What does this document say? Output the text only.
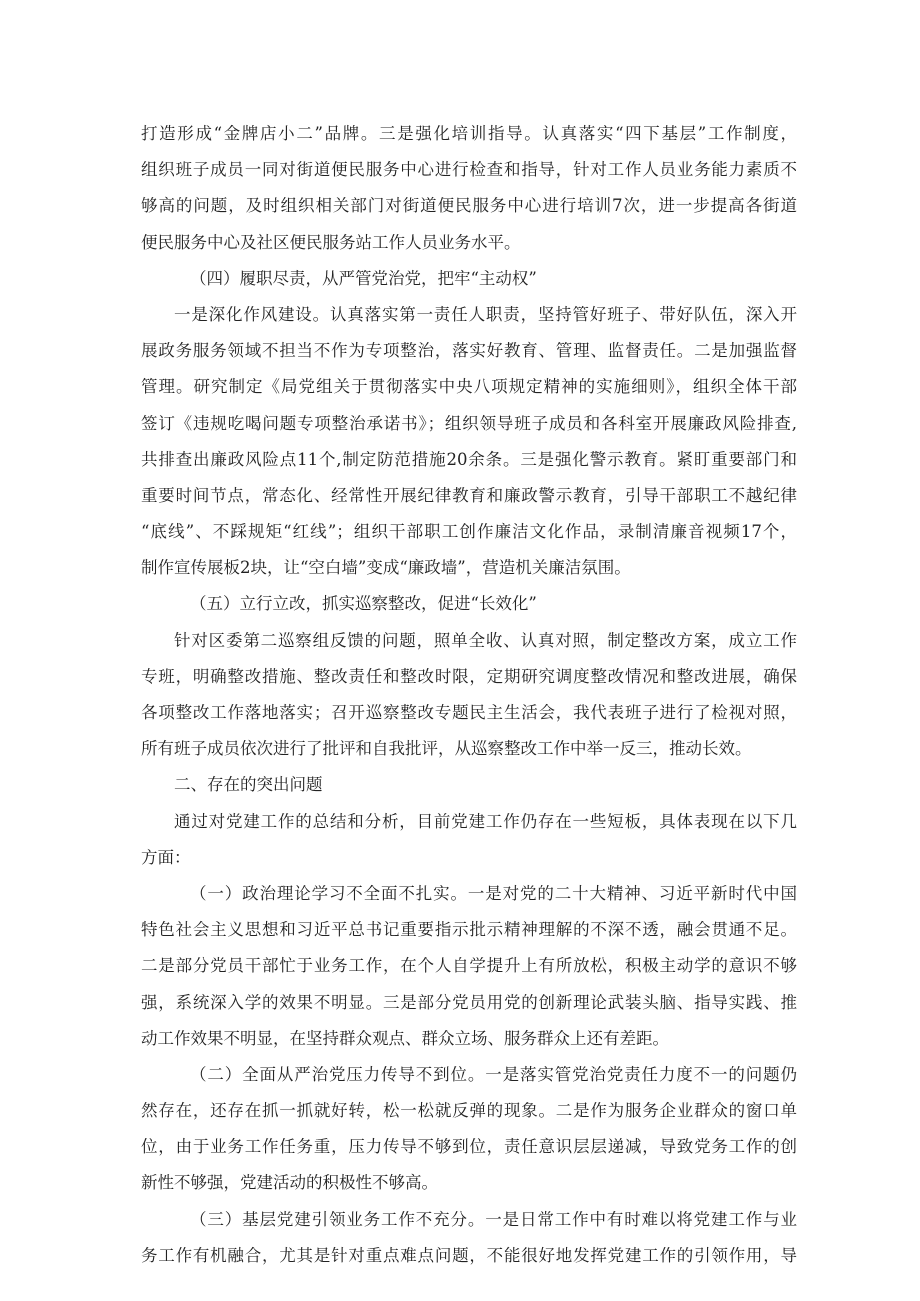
打造形成“金牌店小二”品牌。三是强化培训指导。认真落实“四下基层”工作制度，
组织班子成员一同对街道便民服务中心进行检查和指导，针对工作人员业务能力素质不
够高的问题，及时组织相关部门对街道便民服务中心进行培训7次，进一步提高各街道
便民服务中心及社区便民服务站工作人员业务水平。
（四）履职尽责，从严管党治党，把牢“主动权”
一是深化作风建设。认真落实第一责任人职责，坚持管好班子、带好队伍，深入开
展政务服务领域不担当不作为专项整治，落实好教育、管理、监督责任。二是加强监督
管理。研究制定《局党组关于贯彻落实中央八项规定精神的实施细则》，组织全体干部
签订《违规吃喝问题专项整治承诺书》；组织领导班子成员和各科室开展廉政风险排查,
共排查出廉政风险点11个,制定防范措施20余条。三是强化警示教育。紧盯重要部门和
重要时间节点，常态化、经常性开展纪律教育和廉政警示教育，引导干部职工不越纪律
“底线”、不踩规矩“红线”；组织干部职工创作廉洁文化作品，录制清廉音视频17个，
制作宣传展板2块，让“空白墙”变成“廉政墙”，营造机关廉洁氛围。
（五）立行立改，抓实巡察整改，促进“长效化”
针对区委第二巡察组反馈的问题，照单全收、认真对照，制定整改方案，成立工作
专班，明确整改措施、整改责任和整改时限，定期研究调度整改情况和整改进展，确保
各项整改工作落地落实；召开巡察整改专题民主生活会，我代表班子进行了检视对照，
所有班子成员依次进行了批评和自我批评，从巡察整改工作中举一反三，推动长效。
二、存在的突出问题
通过对党建工作的总结和分析，目前党建工作仍存在一些短板，具体表现在以下几
方面：
（一）政治理论学习不全面不扎实。一是对党的二十大精神、习近平新时代中国
特色社会主义思想和习近平总书记重要指示批示精神理解的不深不透，融会贯通不足。
二是部分党员干部忙于业务工作，在个人自学提升上有所放松，积极主动学的意识不够
强，系统深入学的效果不明显。三是部分党员用党的创新理论武装头脑、指导实践、推
动工作效果不明显，在坚持群众观点、群众立场、服务群众上还有差距。
（二）全面从严治党压力传导不到位。一是落实管党治党责任力度不一的问题仍
然存在，还存在抓一抓就好转，松一松就反弹的现象。二是作为服务企业群众的窗口单
位，由于业务工作任务重，压力传导不够到位，责任意识层层递减，导致党务工作的创
新性不够强，党建活动的积极性不够高。
（三）基层党建引领业务工作不充分。一是日常工作中有时难以将党建工作与业
务工作有机融合，尤其是针对重点难点问题，不能很好地发挥党建工作的引领作用，导
